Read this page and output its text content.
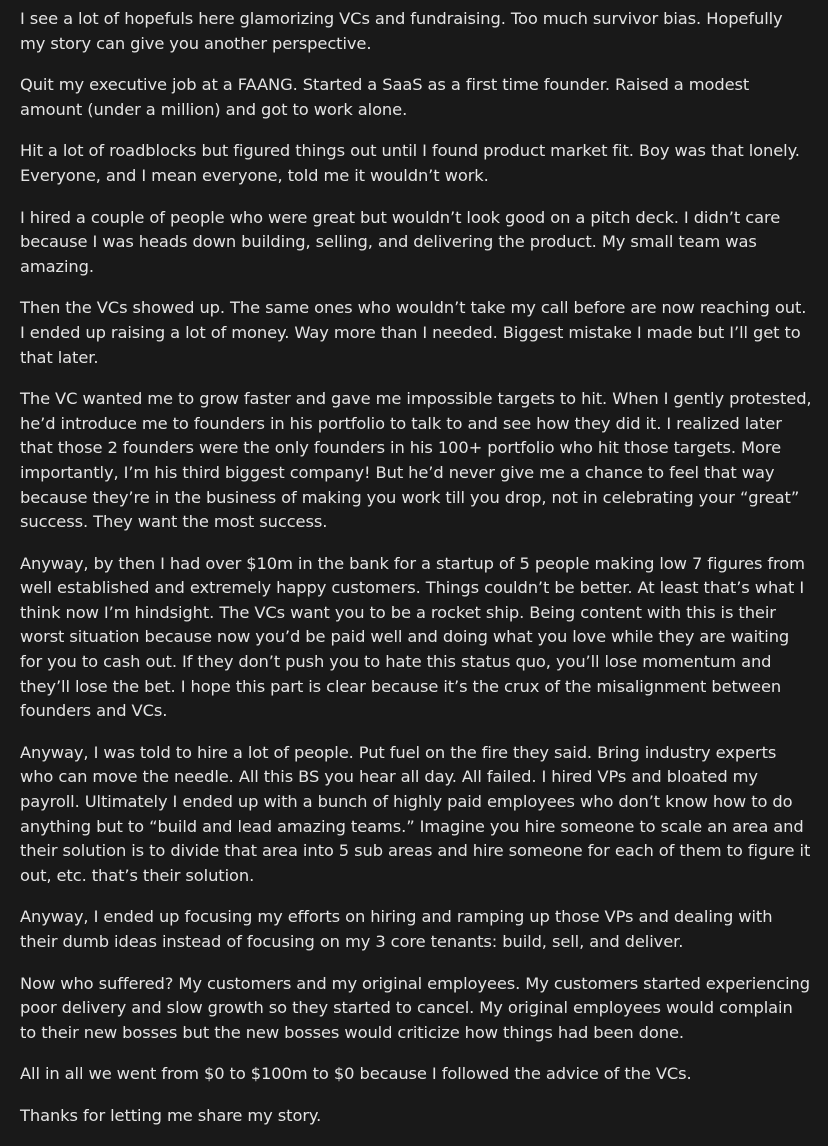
I see a lot of hopefuls here glamorizing VCs and fundraising. Too much survivor bias. Hopefully my story can give you another perspective.

Quit my executive job at a FAANG. Started a SaaS as a first time founder. Raised a modest amount (under a million) and got to work alone.

Hit a lot of roadblocks but figured things out until I found product market fit. Boy was that lonely. Everyone, and I mean everyone, told me it wouldn’t work.

I hired a couple of people who were great but wouldn’t look good on a pitch deck. I didn’t care because I was heads down building, selling, and delivering the product. My small team was amazing.

Then the VCs showed up. The same ones who wouldn’t take my call before are now reaching out. I ended up raising a lot of money. Way more than I needed. Biggest mistake I made but I’ll get to that later.

The VC wanted me to grow faster and gave me impossible targets to hit. When I gently protested, he’d introduce me to founders in his portfolio to talk to and see how they did it. I realized later that those 2 founders were the only founders in his 100+ portfolio who hit those targets. More importantly, I’m his third biggest company! But he’d never give me a chance to feel that way because they’re in the business of making you work till you drop, not in celebrating your “great” success. They want the most success.

Anyway, by then I had over $10m in the bank for a startup of 5 people making low 7 figures from well established and extremely happy customers. Things couldn’t be better. At least that’s what I think now I’m hindsight. The VCs want you to be a rocket ship. Being content with this is their worst situation because now you’d be paid well and doing what you love while they are waiting for you to cash out. If they don’t push you to hate this status quo, you’ll lose momentum and they’ll lose the bet. I hope this part is clear because it’s the crux of the misalignment between founders and VCs.

Anyway, I was told to hire a lot of people. Put fuel on the fire they said. Bring industry experts who can move the needle. All this BS you hear all day. All failed. I hired VPs and bloated my payroll. Ultimately I ended up with a bunch of highly paid employees who don’t know how to do anything but to “build and lead amazing teams.” Imagine you hire someone to scale an area and their solution is to divide that area into 5 sub areas and hire someone for each of them to figure it out, etc. that’s their solution.

Anyway, I ended up focusing my efforts on hiring and ramping up those VPs and dealing with their dumb ideas instead of focusing on my 3 core tenants: build, sell, and deliver.

Now who suffered? My customers and my original employees. My customers started experiencing poor delivery and slow growth so they started to cancel. My original employees would complain to their new bosses but the new bosses would criticize how things had been done.

All in all we went from $0 to $100m to $0 because I followed the advice of the VCs.

Thanks for letting me share my story.
